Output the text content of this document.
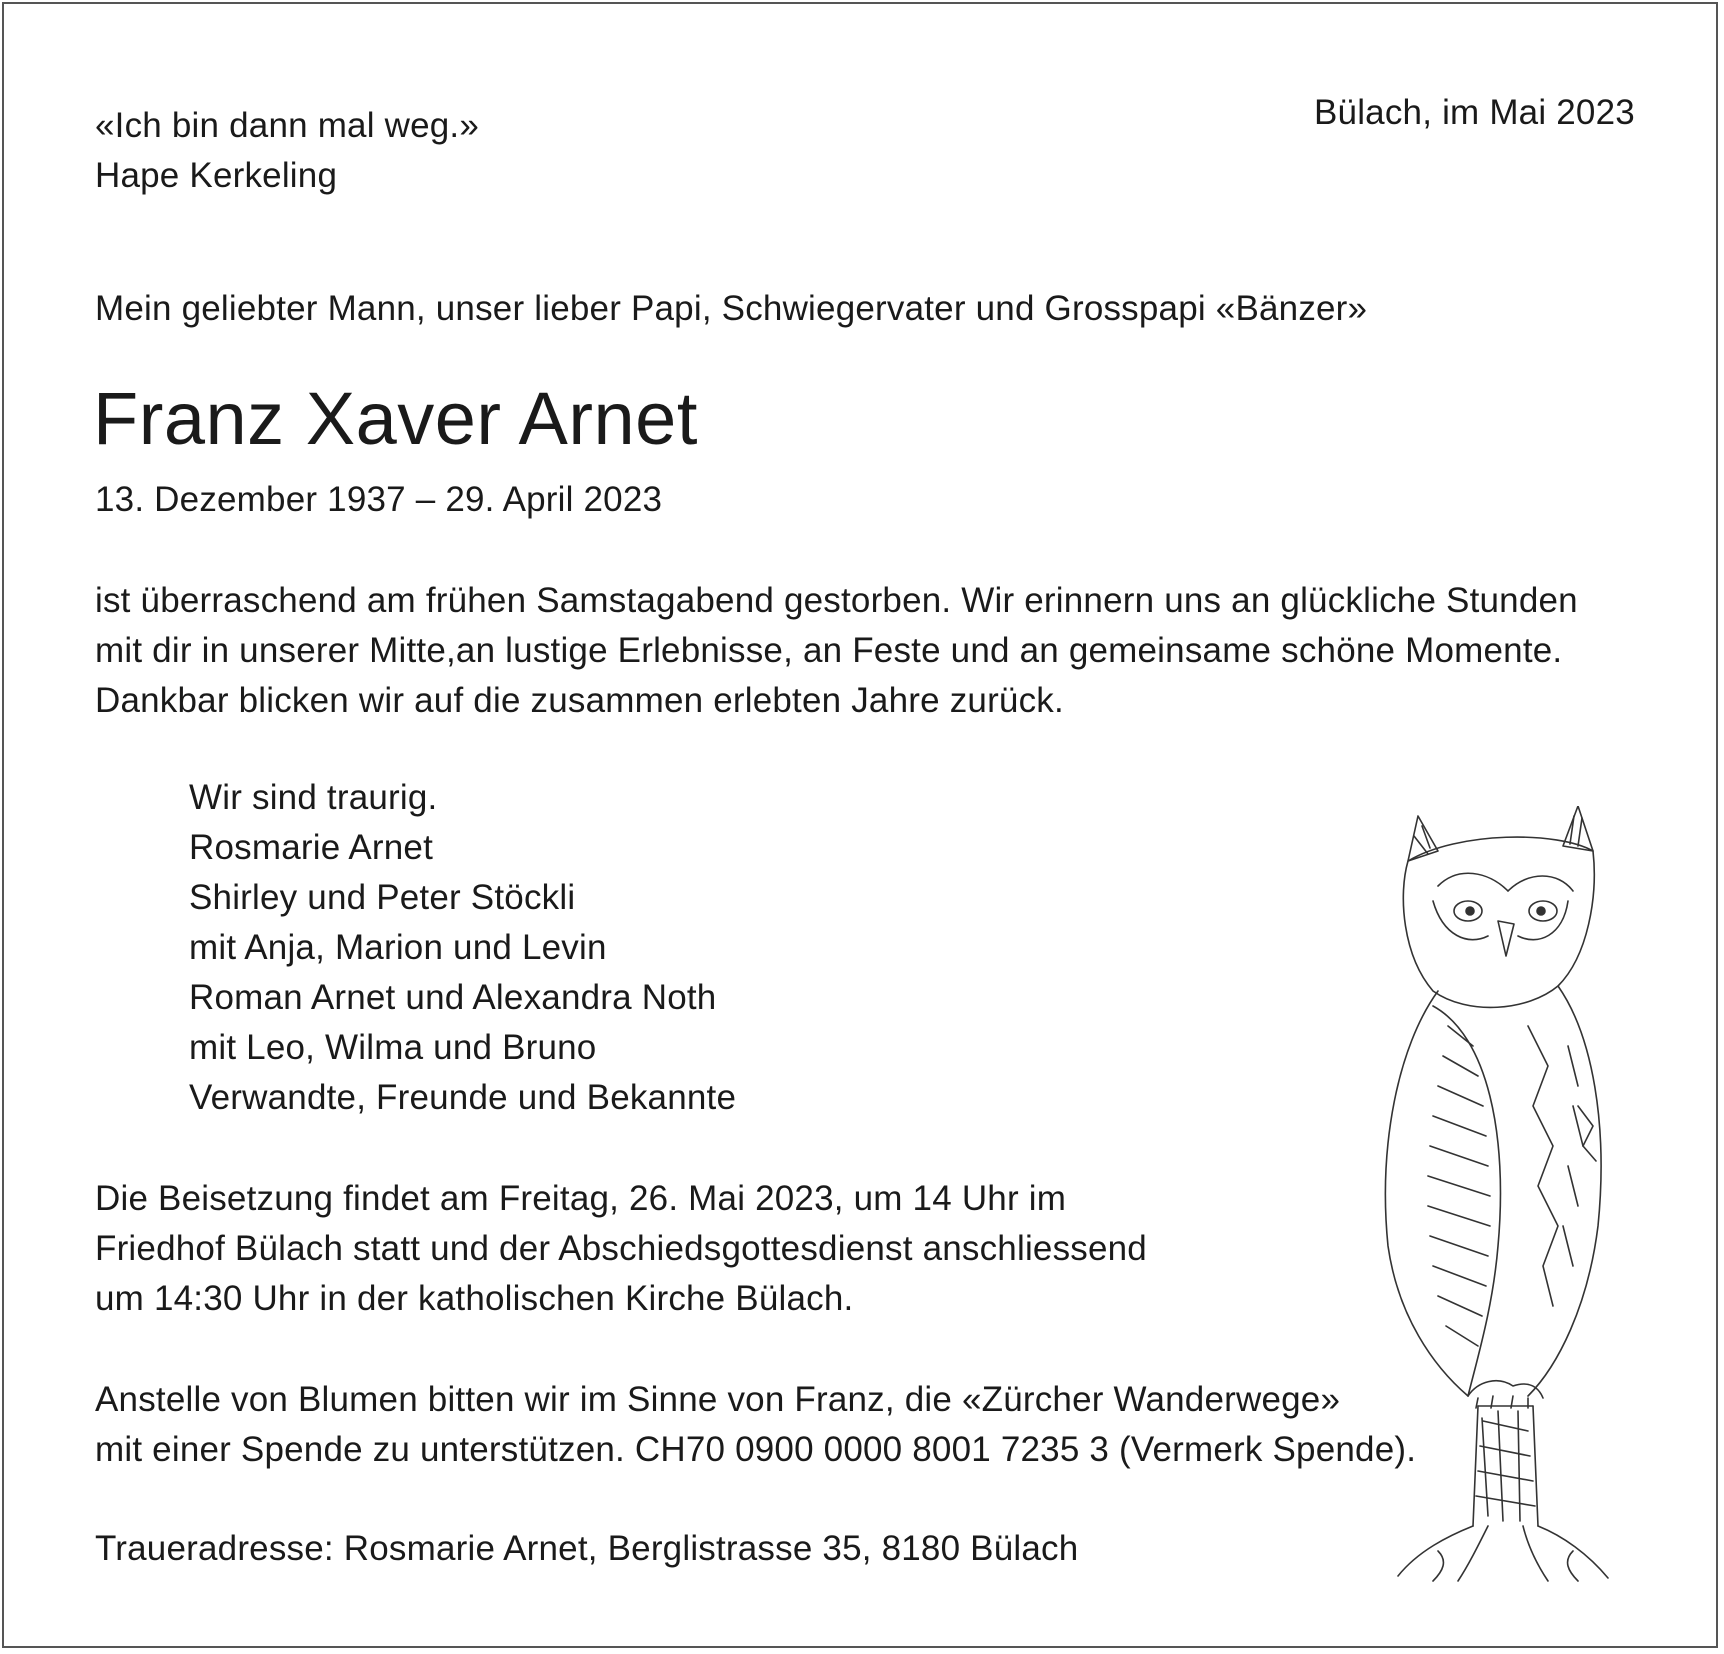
«Ich bin dann mal weg.»
Hape Kerkeling
Bülach, im Mai 2023
Mein geliebter Mann, unser lieber Papi, Schwiegervater und Grosspapi «Bänzer»
Franz Xaver Arnet
13. Dezember 1937 – 29. April 2023
ist überraschend am frühen Samstagabend gestorben. Wir erinnern uns an glückliche Stunden
mit dir in unserer Mitte,an lustige Erlebnisse, an Feste und an gemeinsame schöne Momente.
Dankbar blicken wir auf die zusammen erlebten Jahre zurück.
Wir sind traurig.
Rosmarie Arnet
Shirley und Peter Stöckli
mit Anja, Marion und Levin
Roman Arnet und Alexandra Noth
mit Leo, Wilma und Bruno
Verwandte, Freunde und Bekannte
Die Beisetzung findet am Freitag, 26. Mai 2023, um 14 Uhr im
Friedhof Bülach statt und der Abschiedsgottesdienst anschliessend
um 14:30 Uhr in der katholischen Kirche Bülach.
Anstelle von Blumen bitten wir im Sinne von Franz, die «Zürcher Wanderwege»
mit einer Spende zu unterstützen. CH70 0900 0000 8001 7235 3 (Vermerk Spende).
Traueradresse: Rosmarie Arnet, Berglistrasse 35, 8180 Bülach
